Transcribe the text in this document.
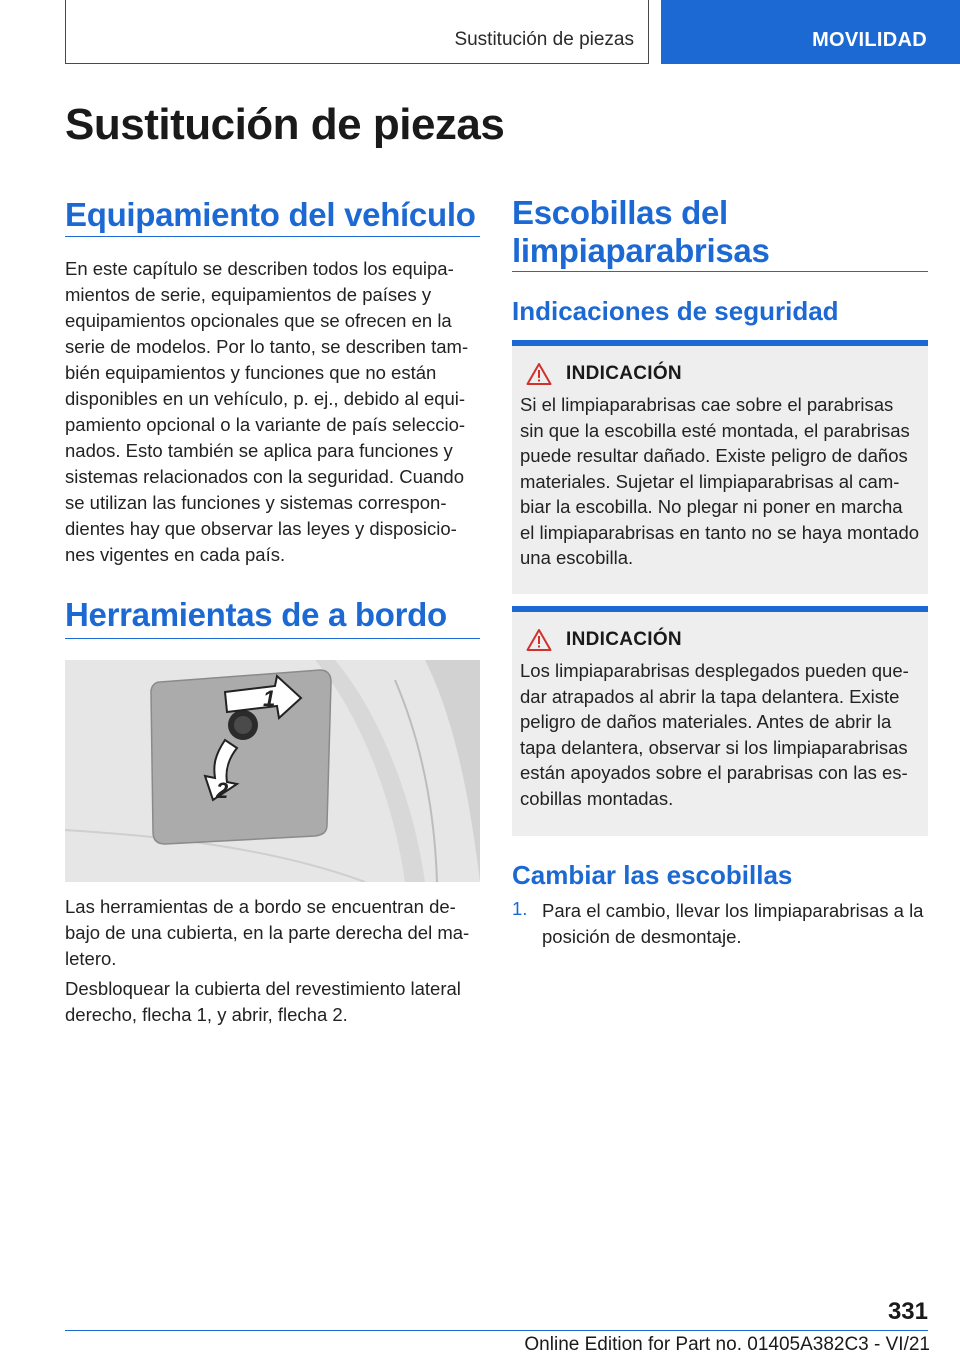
Sustitución de piezas	MOVILIDAD
Sustitución de piezas
Equipamiento del vehículo

En este capítulo se describen todos los equipamientos de serie, equipamientos de países y equipamientos opcionales que se ofrecen en la serie de modelos. Por lo tanto, se describen también equipamientos y funciones que no están disponibles en un vehículo, p. ej., debido al equipamiento opcional o la variante de país seleccionados. Esto también se aplica para funciones y sistemas relacionados con la seguridad. Cuando se utilizan las funciones y sistemas correspondientes hay que observar las leyes y disposiciones vigentes en cada país.

Herramientas de a bordo
1
2

Las herramientas de a bordo se encuentran debajo de una cubierta, en la parte derecha del maletero.

Desbloquear la cubierta del revestimiento lateral derecho, flecha 1, y abrir, flecha 2.

Escobillas del limpiaparabrisas
Indicaciones de seguridad
INDICACIÓN

Si el limpiaparabrisas cae sobre el parabrisas sin que la escobilla esté montada, el parabrisas puede resultar dañado. Existe peligro de daños materiales. Sujetar el limpiaparabrisas al cambiar la escobilla. No plegar ni poner en marcha el limpiaparabrisas en tanto no se haya montado una escobilla.

INDICACIÓN

Los limpiaparabrisas desplegados pueden quedar atrapados al abrir la tapa delantera. Existe peligro de daños materiales. Antes de abrir la tapa delantera, observar si los limpiaparabrisas están apoyados sobre el parabrisas con las escobillas montadas.

Cambiar las escobillas
1. Para el cambio, llevar los limpiaparabrisas a la posición de desmontaje.

331
Online Edition for Part no. 01405A382C3 - VI/21
